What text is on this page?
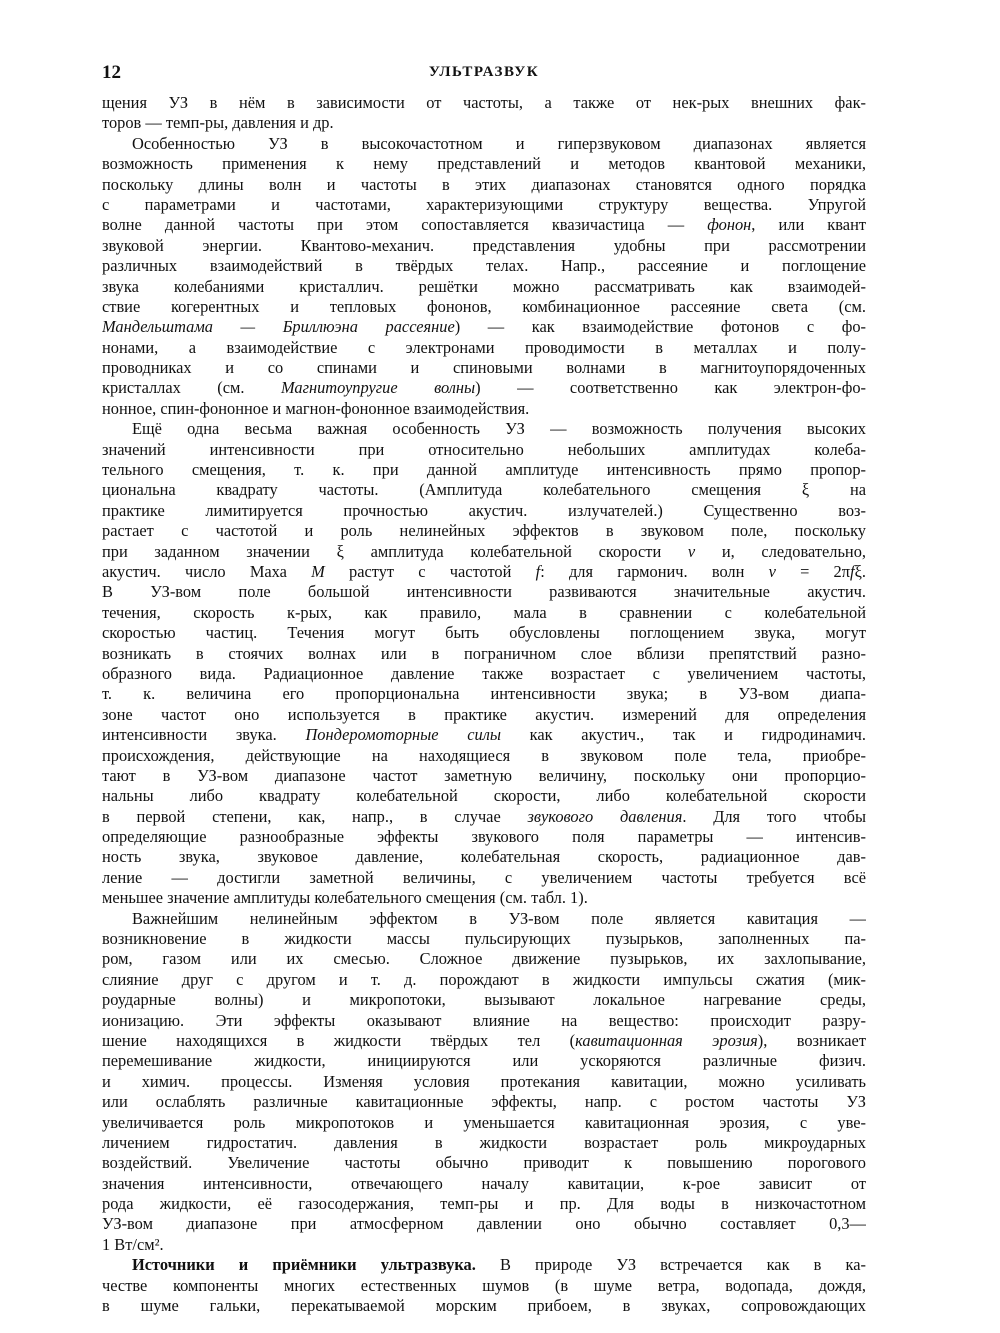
12	УЛЬТРАЗВУК
щения УЗ в нём в зависимости от частоты, а также от нек-рых внешних фак-
торов — темп-ры, давления и др.
Особенностью УЗ в высокочастотном и гиперзвуковом диапазонах является
возможность применения к нему представлений и методов квантовой механики,
поскольку длины волн и частоты в этих диапазонах становятся одного порядка
с параметрами и частотами, характеризующими структуру вещества. Упругой
волне данной частоты при этом сопоставляется квазичастица — фонон, или квант
звуковой энергии. Квантово-механич. представления удобны при рассмотрении
различных взаимодействий в твёрдых телах. Напр., рассеяние и поглощение
звука колебаниями кристаллич. решётки можно рассматривать как взаимодей-
ствие когерентных и тепловых фононов, комбинационное рассеяние света (см.
Мандельштама — Бриллюэна рассеяние) — как взаимодействие фотонов с фо-
нонами, а взаимодействие с электронами проводимости в металлах и полу-
проводниках и со спинами и спиновыми волнами в магнитоупорядоченных
кристаллах (см. Магнитоупругие волны) — соответственно как электрон-фо-
нонное, спин-фононное и магнон-фононное взаимодействия.
Ещё одна весьма важная особенность УЗ — возможность получения высоких
значений интенсивности при относительно небольших амплитудах колеба-
тельного смещения, т. к. при данной амплитуде интенсивность прямо пропор-
циональна квадрату частоты. (Амплитуда колебательного смещения ξ на
практике лимитируется прочностью акустич. излучателей.) Существенно воз-
растает с частотой и роль нелинейных эффектов в звуковом поле, поскольку
при заданном значении ξ амплитуда колебательной скорости v и, следовательно,
акустич. число Маха M растут с частотой f: для гармонич. волн v = 2πfξ.
В УЗ-вом поле большой интенсивности развиваются значительные акустич.
течения, скорость к-рых, как правило, мала в сравнении с колебательной
скоростью частиц. Течения могут быть обусловлены поглощением звука, могут
возникать в стоячих волнах или в пограничном слое вблизи препятствий разно-
образного вида. Радиационное давление также возрастает с увеличением частоты,
т. к. величина его пропорциональна интенсивности звука; в УЗ-вом диапа-
зоне частот оно используется в практике акустич. измерений для определения
интенсивности звука. Пондеромоторные силы как акустич., так и гидродинамич.
происхождения, действующие на находящиеся в звуковом поле тела, приобре-
тают в УЗ-вом диапазоне частот заметную величину, поскольку они пропорцио-
нальны либо квадрату колебательной скорости, либо колебательной скорости
в первой степени, как, напр., в случае звукового давления. Для того чтобы
определяющие разнообразные эффекты звукового поля параметры — интенсив-
ность звука, звуковое давление, колебательная скорость, радиационное дав-
ление — достигли заметной величины, с увеличением частоты требуется всё
меньшее значение амплитуды колебательного смещения (см. табл. 1).
Важнейшим нелинейным эффектом в УЗ-вом поле является кавитация —
возникновение в жидкости массы пульсирующих пузырьков, заполненных па-
ром, газом или их смесью. Сложное движение пузырьков, их захлопывание,
слияние друг с другом и т. д. порождают в жидкости импульсы сжатия (мик-
роударные волны) и микропотоки, вызывают локальное нагревание среды,
ионизацию. Эти эффекты оказывают влияние на вещество: происходит разру-
шение находящихся в жидкости твёрдых тел (кавитационная эрозия), возникает
перемешивание жидкости, инициируются или ускоряются различные физич.
и химич. процессы. Изменяя условия протекания кавитации, можно усиливать
или ослаблять различные кавитационные эффекты, напр. с ростом частоты УЗ
увеличивается роль микропотоков и уменьшается кавитационная эрозия, с уве-
личением гидростатич. давления в жидкости возрастает роль микроударных
воздействий. Увеличение частоты обычно приводит к повышению порогового
значения интенсивности, отвечающего началу кавитации, к-рое зависит от
рода жидкости, её газосодержания, темп-ры и пр. Для воды в низкочастотном
УЗ-вом диапазоне при атмосферном давлении оно обычно составляет 0,3—
1 Вт/см².
Источники и приёмники ультразвука. В природе УЗ встречается как в ка-
честве компоненты многих естественных шумов (в шуме ветра, водопада, дождя,
в шуме гальки, перекатываемой морским прибоем, в звуках, сопровождающих
